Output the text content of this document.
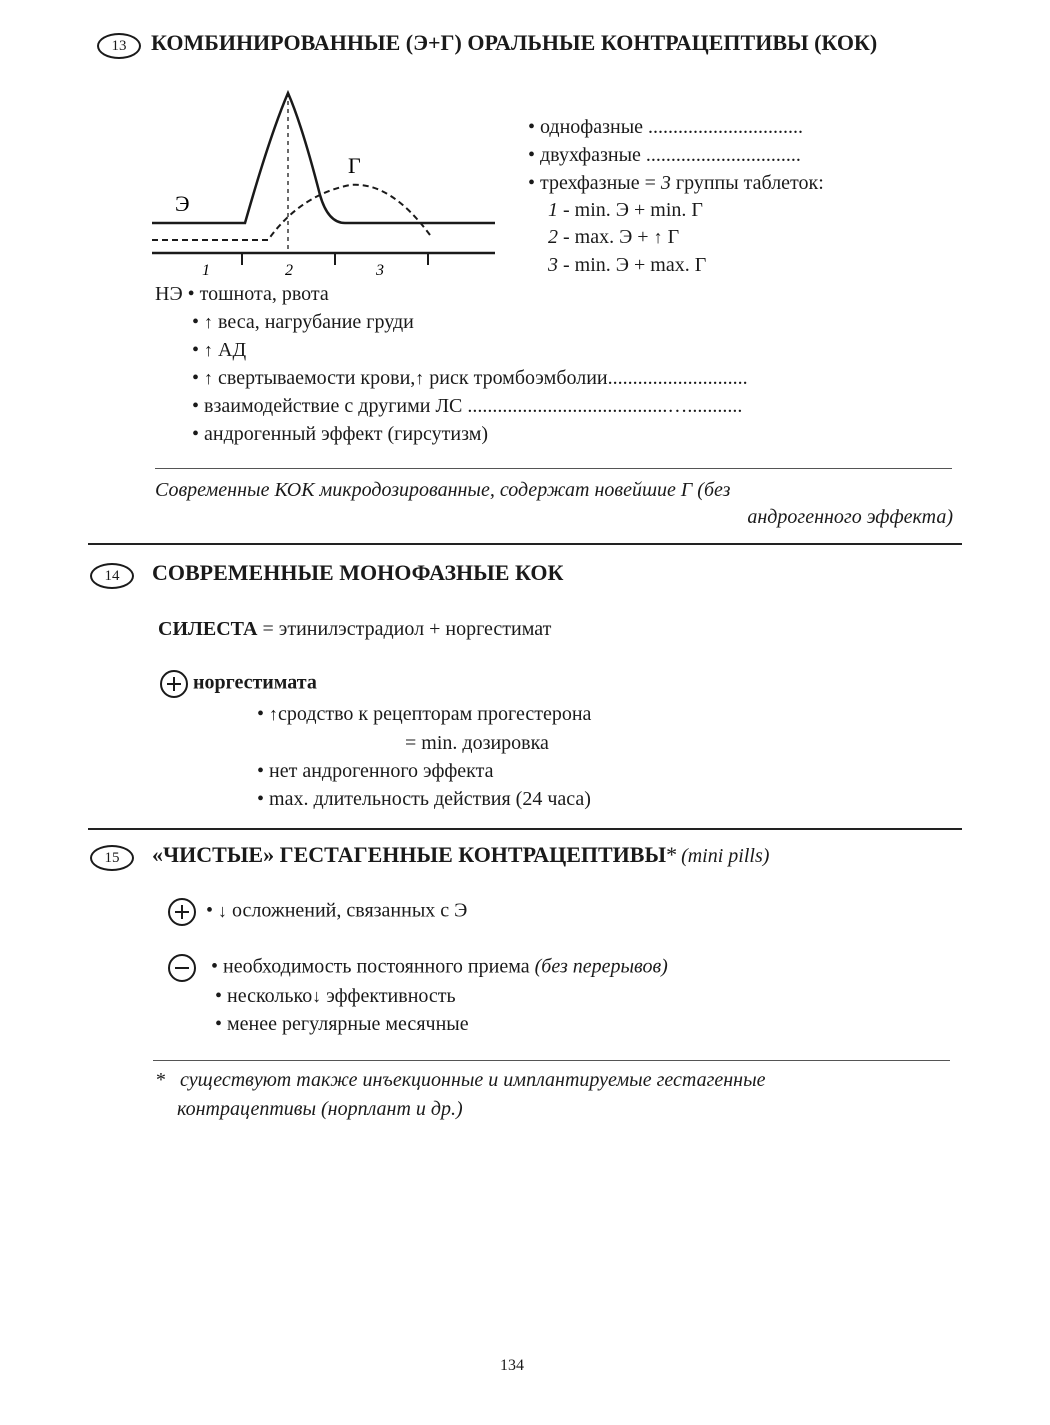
13 КОМБИНИРОВАННЫЕ (Э+Г) ОРАЛЬНЫЕ КОНТРАЦЕПТИВЫ (КОК)
Э
Г
1	2	3
• однофазные ...............................
• двухфазные ...............................
• трехфазные = 3 группы таблеток:
1 - min. Э + min. Г
2 - max. Э + ↑ Г
3 - min. Э + max. Г
НЭ • тошнота, рвота
• ↑ веса, нагрубание груди
• ↑ АД
• ↑ свертываемости крови,↑ риск тромбоэмболии............................
• взаимодействие с другими ЛС ........................................…...........
• андрогенный эффект (гирсутизм)
Современные КОК микродозированные, содержат новейшие Г (без
андрогенного эффекта)
14 СОВРЕМЕННЫЕ МОНОФАЗНЫЕ КОК
СИЛЕСТА = этинилэстрадиол + норгестимат
норгестимата
• ↑сродство к рецепторам прогестерона
= min. дозировка
• нет андрогенного эффекта
• max. длительность действия (24 часа)
15 «ЧИСТЫЕ» ГЕСТАГЕННЫЕ КОНТРАЦЕПТИВЫ* (mini pills)
• ↓ осложнений, связанных с Э
• необходимость постоянного приема (без перерывов)
• несколько↓ эффективность
• менее регулярные месячные
* существуют также инъекционные и имплантируемые гестагенные
контрацептивы (норплант и др.)
134
